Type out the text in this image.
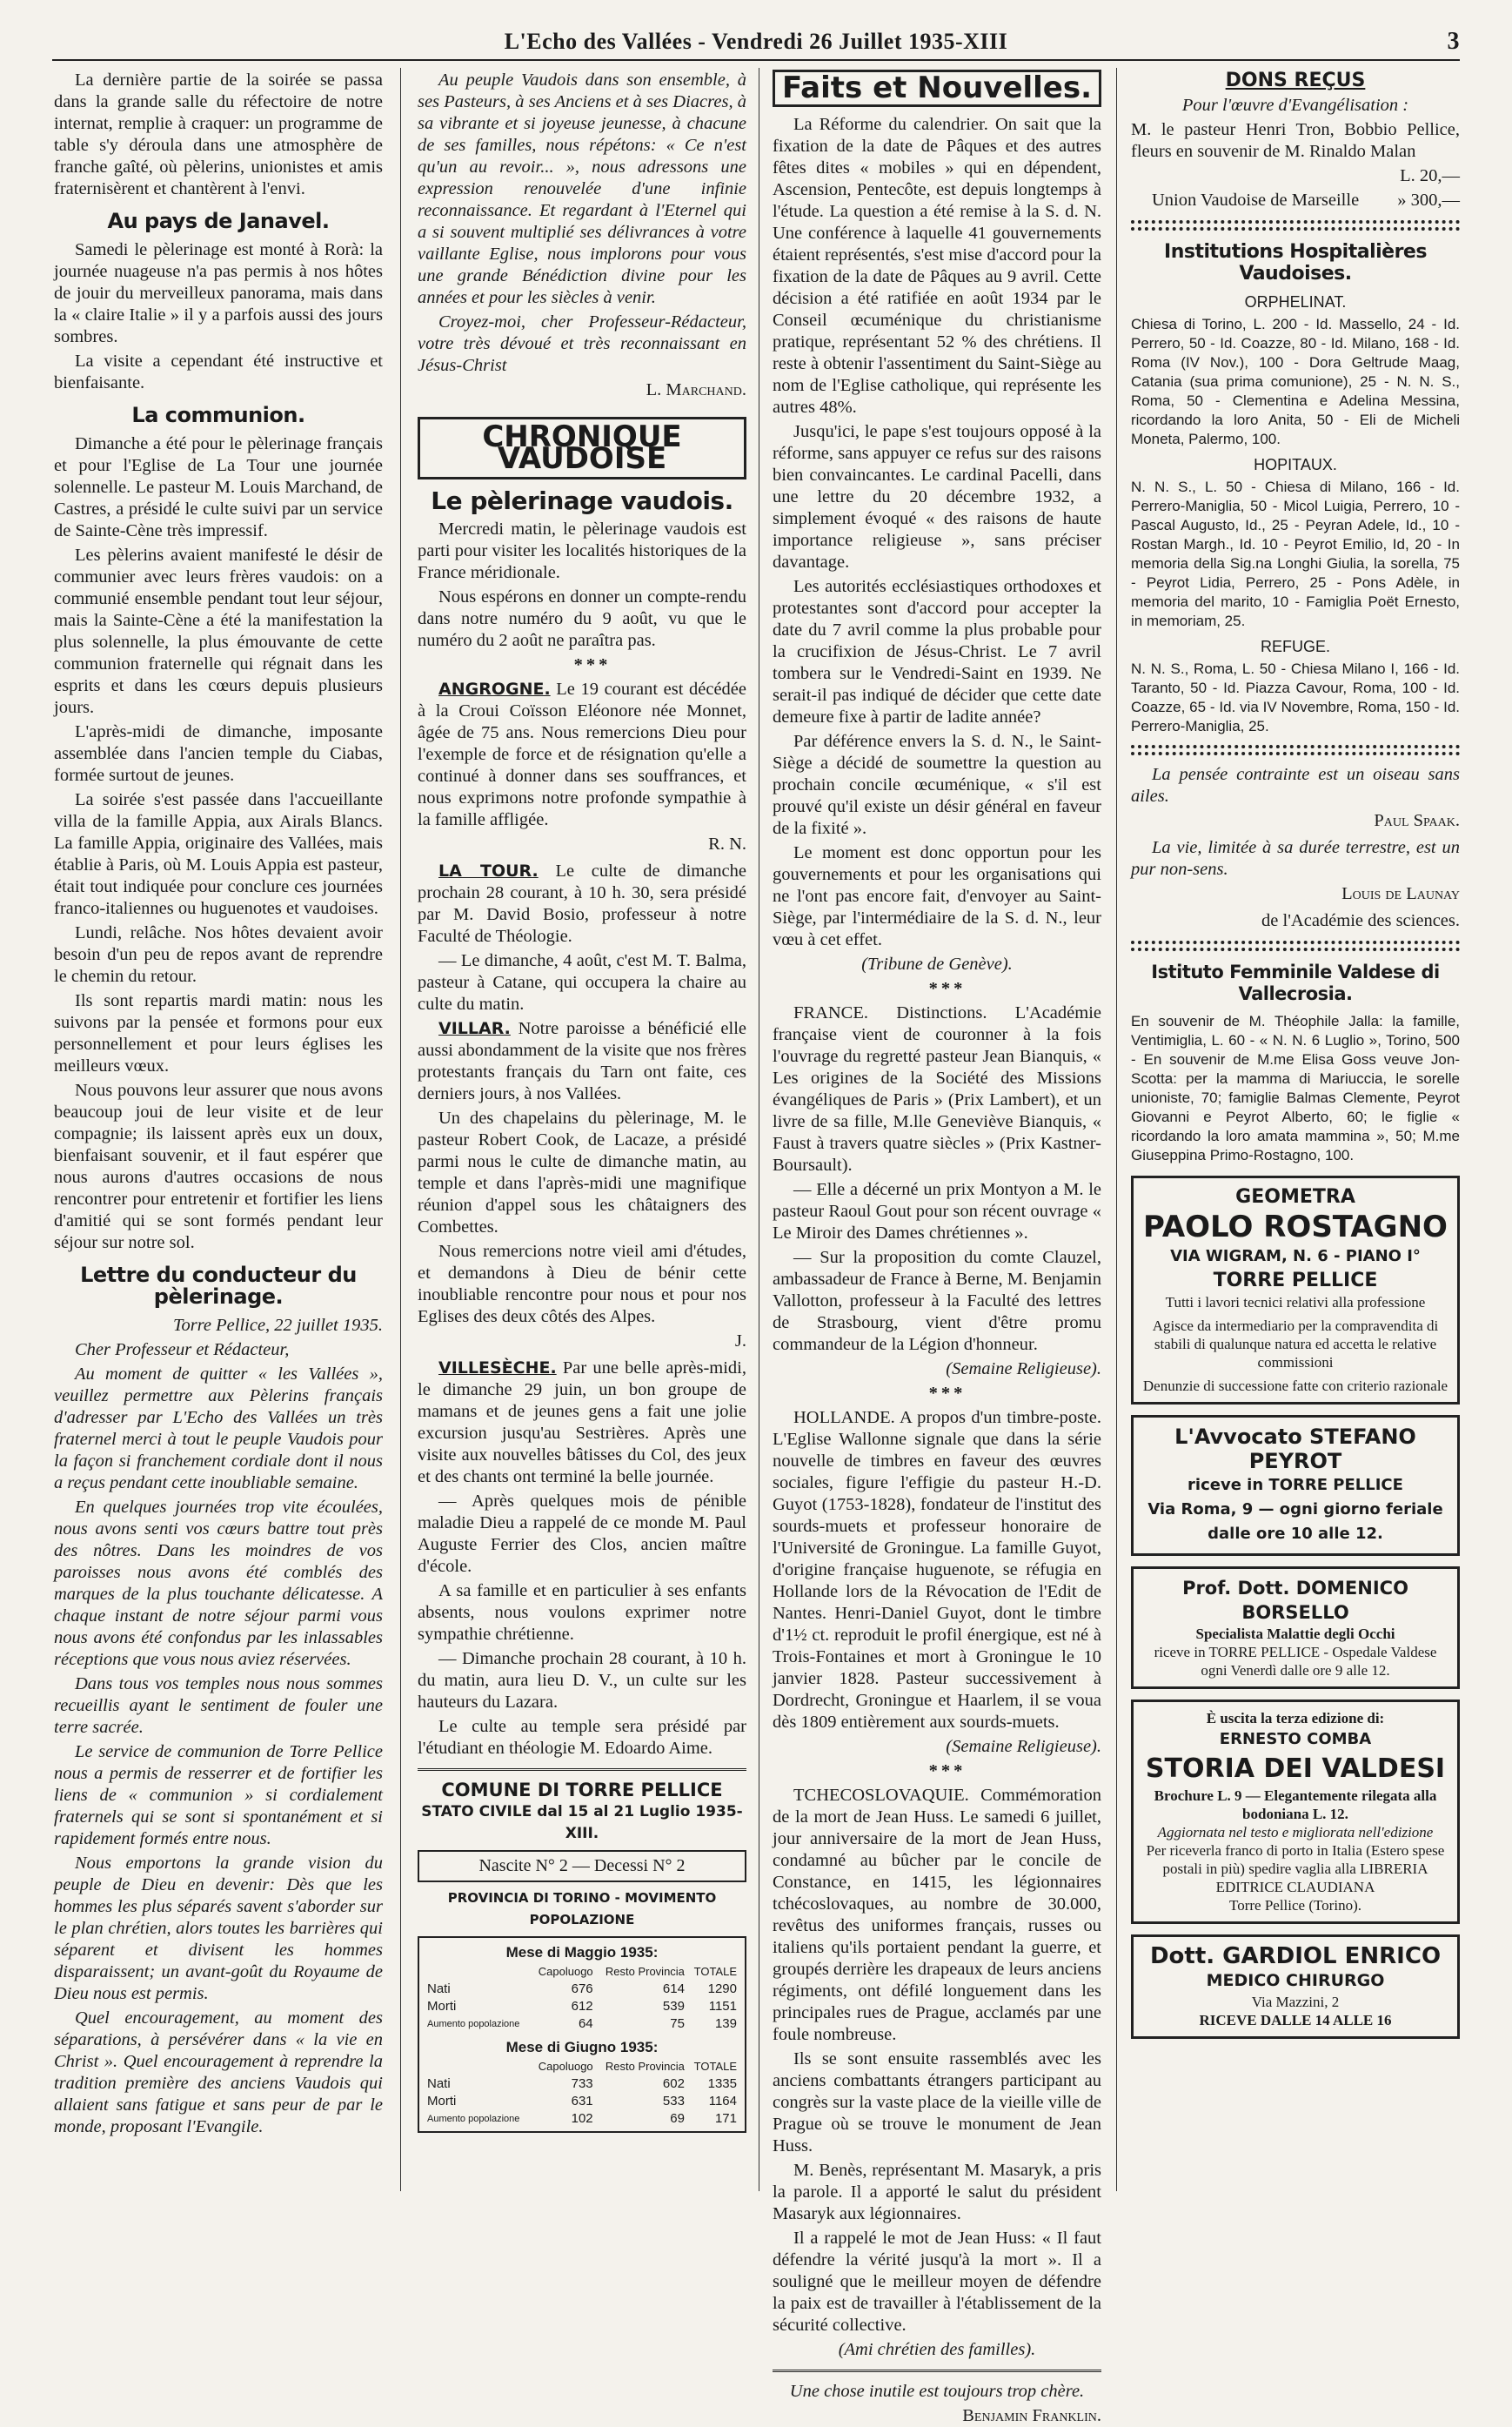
L'Echo des Vallées - Vendredi 26 Juillet 1935-XIII	3

La dernière partie de la soirée se passa dans la grande salle du réfectoire de notre internat, remplie à craquer: un programme de table s'y déroula dans une atmosphère de franche gaîté, où pèlerins, unionistes et amis fraternisèrent et chantèrent à l'envi.

Au pays de Janavel.

Samedi le pèlerinage est monté à Rorà: la journée nuageuse n'a pas permis à nos hôtes de jouir du merveilleux panorama, mais dans la « claire Italie » il y a parfois aussi des jours sombres.

La visite a cependant été instructive et bienfaisante.

La communion.

Dimanche a été pour le pèlerinage français et pour l'Eglise de La Tour une journée solennelle. Le pasteur M. Louis Marchand, de Castres, a présidé le culte suivi par un service de Sainte-Cène très impressif.

Les pèlerins avaient manifesté le désir de communier avec leurs frères vaudois: on a communié ensemble pendant tout leur séjour, mais la Sainte-Cène a été la manifestation la plus solennelle, la plus émouvante de cette communion fraternelle qui régnait dans les esprits et dans les cœurs depuis plusieurs jours.

L'après-midi de dimanche, imposante assemblée dans l'ancien temple du Ciabas, formée surtout de jeunes.

La soirée s'est passée dans l'accueillante villa de la famille Appia, aux Airals Blancs. La famille Appia, originaire des Vallées, mais établie à Paris, où M. Louis Appia est pasteur, était tout indiquée pour conclure ces journées franco-italiennes ou huguenotes et vaudoises.

Lundi, relâche. Nos hôtes devaient avoir besoin d'un peu de repos avant de reprendre le chemin du retour.

Ils sont repartis mardi matin: nous les suivons par la pensée et formons pour eux personnellement et pour leurs églises les meilleurs vœux.

Nous pouvons leur assurer que nous avons beaucoup joui de leur visite et de leur compagnie; ils laissent après eux un doux, bienfaisant souvenir, et il faut espérer que nous aurons d'autres occasions de nous rencontrer pour entretenir et fortifier les liens d'amitié qui se sont formés pendant leur séjour sur notre sol.

Lettre du conducteur du pèlerinage.

Torre Pellice, 22 juillet 1935.

Cher Professeur et Rédacteur,

Au moment de quitter « les Vallées », veuillez permettre aux Pèlerins français d'adresser par L'Echo des Vallées un très fraternel merci à tout le peuple Vaudois pour la façon si franchement cordiale dont il nous a reçus pendant cette inoubliable semaine.

En quelques journées trop vite écoulées, nous avons senti vos cœurs battre tout près des nôtres. Dans les moindres de vos paroisses nous avons été comblés des marques de la plus touchante délicatesse. A chaque instant de notre séjour parmi vous nous avons été confondus par les inlassables réceptions que vous nous aviez réservées.

Dans tous vos temples nous nous sommes recueillis ayant le sentiment de fouler une terre sacrée.

Le service de communion de Torre Pellice nous a permis de resserrer et de fortifier les liens de « communion » si cordialement fraternels qui se sont si spontanément et si rapidement formés entre nous.

Nous emportons la grande vision du peuple de Dieu en devenir: Dès que les hommes les plus séparés savent s'aborder sur le plan chrétien, alors toutes les barrières qui séparent et divisent les hommes disparaissent; un avant-goût du Royaume de Dieu nous est permis.

Quel encouragement, au moment des séparations, à persévérer dans « la vie en Christ ». Quel encouragement à reprendre la tradition première des anciens Vaudois qui allaient sans fatigue et sans peur de par le monde, proposant l'Evangile.

Au peuple Vaudois dans son ensemble, à ses Pasteurs, à ses Anciens et à ses Diacres, à sa vibrante et si joyeuse jeunesse, à chacune de ses familles, nous répétons: « Ce n'est qu'un au revoir... », nous adressons une expression renouvelée d'une infinie reconnaissance. Et regardant à l'Eternel qui a si souvent multiplié ses délivrances à votre vaillante Eglise, nous implorons pour vous une grande Bénédiction divine pour les années et pour les siècles à venir.

Croyez-moi, cher Professeur-Rédacteur, votre très dévoué et très reconnaissant en Jésus-Christ

L. Marchand.
CHRONIQUE VAUDOISE
Le pèlerinage vaudois.

Mercredi matin, le pèlerinage vaudois est parti pour visiter les localités historiques de la France méridionale.

Nous espérons en donner un compte-rendu dans notre numéro du 9 août, vu que le numéro du 2 août ne paraîtra pas.

***

ANGROGNE. Le 19 courant est décédée à la Croui Coïsson Eléonore née Monnet, âgée de 75 ans. Nous remercions Dieu pour l'exemple de force et de résignation qu'elle a continué à donner dans ses souffrances, et nous exprimons notre profonde sympathie à la famille affligée.

R. N.

LA TOUR. Le culte de dimanche prochain 28 courant, à 10 h. 30, sera présidé par M. David Bosio, professeur à notre Faculté de Théologie.

— Le dimanche, 4 août, c'est M. T. Balma, pasteur à Catane, qui occupera la chaire au culte du matin.

VILLAR. Notre paroisse a bénéficié elle aussi abondamment de la visite que nos frères protestants français du Tarn ont faite, ces derniers jours, à nos Vallées.

Un des chapelains du pèlerinage, M. le pasteur Robert Cook, de Lacaze, a présidé parmi nous le culte de dimanche matin, au temple et dans l'après-midi une magnifique réunion d'appel sous les châtaigners des Combettes.

Nous remercions notre vieil ami d'études, et demandons à Dieu de bénir cette inoubliable rencontre pour nous et pour nos Eglises des deux côtés des Alpes.

J.

VILLESÈCHE. Par une belle après-midi, le dimanche 29 juin, un bon groupe de mamans et de jeunes gens a fait une jolie excursion jusqu'au Sestrières. Après une visite aux nouvelles bâtisses du Col, des jeux et des chants ont terminé la belle journée.

— Après quelques mois de pénible maladie Dieu a rappelé de ce monde M. Paul Auguste Ferrier des Clos, ancien maître d'école.

A sa famille et en particulier à ses enfants absents, nous voulons exprimer notre sympathie chrétienne.

— Dimanche prochain 28 courant, à 10 h. du matin, aura lieu D. V., un culte sur les hauteurs du Lazara.

Le culte au temple sera présidé par l'étudiant en théologie M. Edoardo Aime.

COMUNE DI TORRE PELLICE
STATO CIVILE dal 15 al 21 Luglio 1935-XIII.
Nascite N° 2 — Decessi N° 2
PROVINCIA DI TORINO - MOVIMENTO POPOLAZIONE
Mese di Maggio 1935:
	Capoluogo	Resto Provincia	TOTALE
Nati	676	614	1290
Morti	612	539	1151
Aumento popolazione	64	75	139
Mese di Giugno 1935:
	Capoluogo	Resto Provincia	TOTALE
Nati	733	602	1335
Morti	631	533	1164
Aumento popolazione	102	69	171
Faits et Nouvelles.

La Réforme du calendrier. On sait que la fixation de la date de Pâques et des autres fêtes dites « mobiles » qui en dépendent, Ascension, Pentecôte, est depuis longtemps à l'étude. La question a été remise à la S. d. N. Une conférence à laquelle 41 gouvernements étaient représentés, s'est mise d'accord pour la fixation de la date de Pâques au 9 avril. Cette décision a été ratifiée en août 1934 par le Conseil œcuménique du christianisme pratique, représentant 52 % des chrétiens. Il reste à obtenir l'assentiment du Saint-Siège au nom de l'Eglise catholique, qui représente les autres 48%.

Jusqu'ici, le pape s'est toujours opposé à la réforme, sans appuyer ce refus sur des raisons bien convaincantes. Le cardinal Pacelli, dans une lettre du 20 décembre 1932, a simplement évoqué « des raisons de haute importance religieuse », sans préciser davantage.

Les autorités ecclésiastiques orthodoxes et protestantes sont d'accord pour accepter la date du 7 avril comme la plus probable pour la crucifixion de Jésus-Christ. Le 7 avril tombera sur le Vendredi-Saint en 1939. Ne serait-il pas indiqué de décider que cette date demeure fixe à partir de ladite année?

Par déférence envers la S. d. N., le Saint-Siège a décidé de soumettre la question au prochain concile œcuménique, « s'il est prouvé qu'il existe un désir général en faveur de la fixité ».

Le moment est donc opportun pour les gouvernements et pour les organisations qui ne l'ont pas encore fait, d'envoyer au Saint-Siège, par l'intermédiaire de la S. d. N., leur vœu à cet effet.

(Tribune de Genève).

***

FRANCE. Distinctions. L'Académie française vient de couronner à la fois l'ouvrage du regretté pasteur Jean Bianquis, « Les origines de la Société des Missions évangéliques de Paris » (Prix Lambert), et un livre de sa fille, M.lle Geneviève Bianquis, « Faust à travers quatre siècles » (Prix Kastner-Boursault).

— Elle a décerné un prix Montyon a M. le pasteur Raoul Gout pour son récent ouvrage « Le Miroir des Dames chrétiennes ».

— Sur la proposition du comte Clauzel, ambassadeur de France à Berne, M. Benjamin Vallotton, professeur à la Faculté des lettres de Strasbourg, vient d'être promu commandeur de la Légion d'honneur.

(Semaine Religieuse).

***

HOLLANDE. A propos d'un timbre-poste. L'Eglise Wallonne signale que dans la série nouvelle de timbres en faveur des œuvres sociales, figure l'effigie du pasteur H.-D. Guyot (1753-1828), fondateur de l'institut des sourds-muets et professeur honoraire de l'Université de Groningue. La famille Guyot, d'origine française huguenote, se réfugia en Hollande lors de la Révocation de l'Edit de Nantes. Henri-Daniel Guyot, dont le timbre d'1½ ct. reproduit le profil énergique, est né à Trois-Fontaines et mort à Groningue le 10 janvier 1828. Pasteur successivement à Dordrecht, Groningue et Haarlem, il se voua dès 1809 entièrement aux sourds-muets.

(Semaine Religieuse).

***

TCHECOSLOVAQUIE. Commémoration de la mort de Jean Huss. Le samedi 6 juillet, jour anniversaire de la mort de Jean Huss, condamné au bûcher par le concile de Constance, en 1415, les légionnaires tchécoslovaques, au nombre de 30.000, revêtus des uniformes français, russes ou italiens qu'ils portaient pendant la guerre, et groupés derrière les drapeaux de leurs anciens régiments, ont défilé longuement dans les principales rues de Prague, acclamés par une foule nombreuse.

Ils se sont ensuite rassemblés avec les anciens combattants étrangers participant au congrès sur la vaste place de la vieille ville de Prague où se trouve le monument de Jean Huss.

M. Benès, représentant M. Masaryk, a pris la parole. Il a apporté le salut du président Masaryk aux légionnaires.

Il a rappelé le mot de Jean Huss: « Il faut défendre la vérité jusqu'à la mort ». Il a souligné que le meilleur moyen de défendre la paix est de travailler à l'établissement de la sécurité collective.

(Ami chrétien des familles).

Une chose inutile est toujours trop chère.

Benjamin Franklin.
DONS REÇUS

Pour l'œuvre d'Evangélisation :

M. le pasteur Henri Tron, Bobbio Pellice, fleurs en souvenir de M. Rinaldo Malan

L. 20,—

Union Vaudoise de Marseille	» 300,—

Institutions Hospitalières Vaudoises.
ORPHELINAT.
Chiesa di Torino, L. 200 - Id. Massello, 24 - Id. Perrero, 50 - Id. Coazze, 80 - Id. Milano, 168 - Id. Roma (IV Nov.), 100 - Dora Geltrude Maag, Catania (sua prima comunione), 25 - N. N. S., Roma, 50 - Clementina e Adelina Messina, ricordando la loro Anita, 50 - Eli de Micheli Moneta, Palermo, 100.
HOPITAUX.
N. N. S., L. 50 - Chiesa di Milano, 166 - Id. Perrero-Maniglia, 50 - Micol Luigia, Perrero, 10 - Pascal Augusto, Id., 25 - Peyran Adele, Id., 10 - Rostan Margh., Id. 10 - Peyrot Emilio, Id, 20 - In memoria della Sig.na Longhi Giulia, la sorella, 75 - Peyrot Lidia, Perrero, 25 - Pons Adèle, in memoria del marito, 10 - Famiglia Poët Ernesto, in memoriam, 25.
REFUGE.
N. N. S., Roma, L. 50 - Chiesa Milano I, 166 - Id. Taranto, 50 - Id. Piazza Cavour, Roma, 100 - Id. Coazze, 65 - Id. via IV Novembre, Roma, 150 - Id. Perrero-Maniglia, 25.

La pensée contrainte est un oiseau sans ailes.

Paul Spaak.

La vie, limitée à sa durée terrestre, est un pur non-sens.

Louis de Launay
de l'Académie des sciences.
Istituto Femminile Valdese di Vallecrosia.
En souvenir de M. Théophile Jalla: la famille, Ventimiglia, L. 60 - « N. N. 6 Luglio », Torino, 500 - En souvenir de M.me Elisa Goss veuve Jon-Scotta: per la mamma di Mariuccia, le sorelle unioniste, 70; famiglie Balmas Clemente, Peyrot Giovanni e Peyrot Alberto, 60; le figlie « ricordando la loro amata mammina », 50; M.me Giuseppina Primo-Rostagno, 100.
GEOMETRA
PAOLO ROSTAGNO
VIA WIGRAM, N. 6 - PIANO I°
TORRE PELLICE
Tutti i lavori tecnici relativi alla professione
Agisce da intermediario per la compravendita di stabili di qualunque natura ed accetta le relative commissioni
Denunzie di successione fatte con criterio razionale
L'Avvocato STEFANO PEYROT
riceve in TORRE PELLICE
Via Roma, 9 — ogni giorno feriale dalle ore 10 alle 12.
Prof. Dott. DOMENICO BORSELLO
Specialista Malattie degli Occhi
riceve in TORRE PELLICE - Ospedale Valdese ogni Venerdì dalle ore 9 alle 12.
È uscita la terza edizione di:
ERNESTO COMBA
STORIA DEI VALDESI
Brochure L. 9 — Elegantemente rilegata alla bodoniana L. 12.
Aggiornata nel testo e migliorata nell'edizione
Per riceverla franco di porto in Italia (Estero spese postali in più) spedire vaglia alla LIBRERIA EDITRICE CLAUDIANA
Torre Pellice (Torino).
Dott. GARDIOL ENRICO
MEDICO CHIRURGO
Via Mazzini, 2
RICEVE DALLE 14 ALLE 16
